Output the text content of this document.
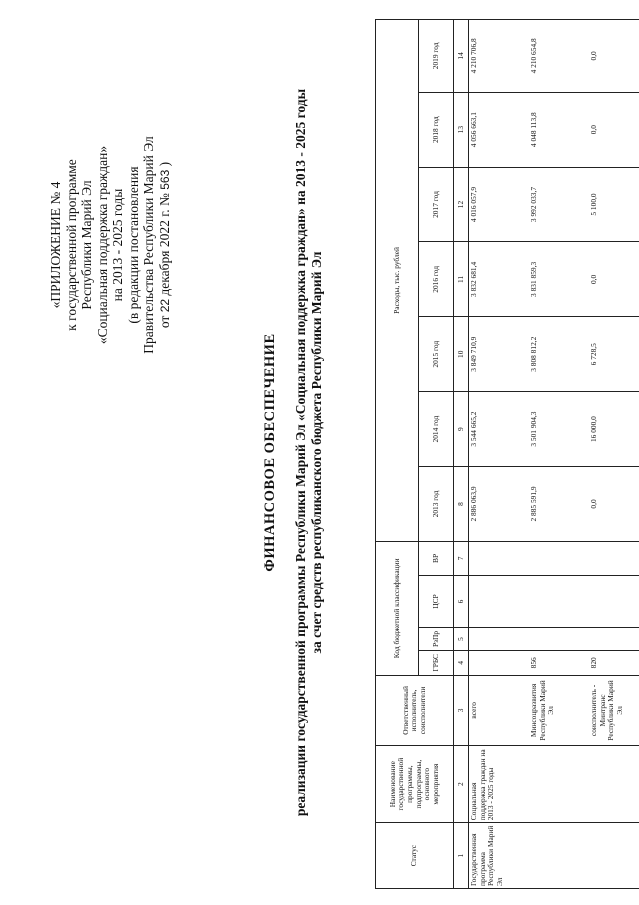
«ПРИЛОЖЕНИЕ № 4 к государственной программе Республики Марий Эл «Социальная поддержка граждан» на 2013 - 2025 годы (в редакции постановления Правительства Республики Марий Эл от 22 декабря 2022 г. № 563 )
ФИНАНСОВОЕ ОБЕСПЕЧЕНИЕ реализации государственной программы Республики Марий Эл «Социальная поддержка граждан» на 2013 - 2025 годы за счет средств республиканского бюджета Республики Марий Эл
Статус	Наименование государственной программы, подпрограммы, основного мероприятия	Ответственный исполнитель, соисполнители	Код бюджетной классификации				Расходы, тыс. рублей						
			ГРБС	РзПр	ЦСР	ВР	2013 год	2014 год	2015 год	2016 год	2017 год	2018 год	2019 год
1	2	3	4	5	6	7	8	9	10	11	12	13	14
Государственная программа Республики Марий Эл	Социальная поддержка граждан на 2013 - 2025 годы	всего					2 886 063,9	3 544 665,2	3 849 710,9	3 832 681,4	4 016 057,9	4 056 663,1	4 210 706,8
		Минсоцразвития Республики Марий Эл	856				2 885 591,9	3 501 904,3	3 808 812,2	3 831 859,3	3 992 033,7	4 048 113,8	4 210 654,8
		соисполнитель - Минтранс Республики Марий Эл	820				0,0	16 000,0	6 728,5	0,0	5 100,0	0,0	0,0
